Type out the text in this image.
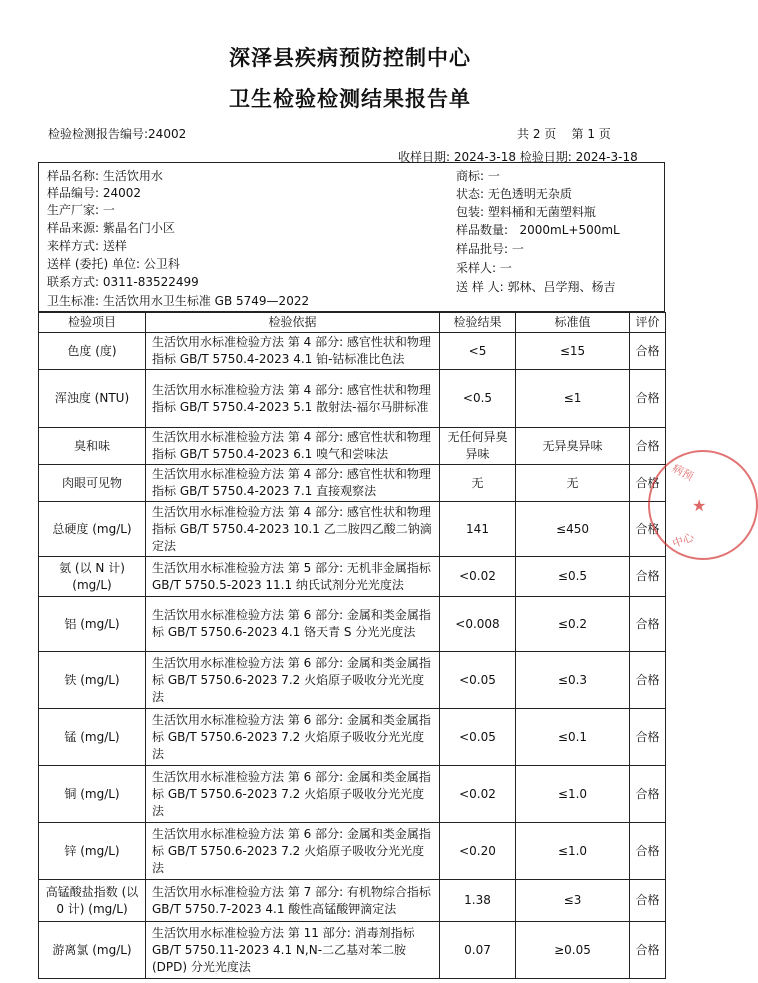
深泽县疾病预防控制中心
卫生检验检测结果报告单
检验检测报告编号:24002	共 2 页    第 1 页
收样日期: 2024-3-18 检验日期: 2024-3-18
样品名称: 生活饮用水
样品编号: 24002
生产厂家: 一
样品来源: 紫晶名门小区
来样方式: 送样
送样 (委托) 单位: 公卫科
联系方式: 0311-83522499
卫生标准: 生活饮用水卫生标准 GB 5749—2022
商标: 一
状态: 无色透明无杂质
包装: 塑料桶和无菌塑料瓶
样品数量:   2000mL+500mL
样品批号: 一
采样人: 一
送 样 人: 郭林、吕学翔、杨吉
检验项目	检验依据	检验结果	标准值	评价
色度 (度)	生活饮用水标准检验方法 第 4 部分: 感官性状和物理指标 GB/T 5750.4-2023 4.1 铂-钴标准比色法	<5	≤15	合格
浑浊度 (NTU)	生活饮用水标准检验方法 第 4 部分: 感官性状和物理指标 GB/T 5750.4-2023 5.1 散射法-福尔马肼标准	<0.5	≤1	合格
臭和味	生活饮用水标准检验方法 第 4 部分: 感官性状和物理指标 GB/T 5750.4-2023 6.1 嗅气和尝味法	无任何异臭异味	无异臭异味	合格
肉眼可见物	生活饮用水标准检验方法 第 4 部分: 感官性状和物理指标 GB/T 5750.4-2023 7.1 直接观察法	无	无	合格
总硬度 (mg/L)	生活饮用水标准检验方法 第 4 部分: 感官性状和物理指标 GB/T 5750.4-2023 10.1 乙二胺四乙酸二钠滴定法	141	≤450	合格
氨 (以 N 计) (mg/L)	生活饮用水标准检验方法 第 5 部分: 无机非金属指标 GB/T 5750.5-2023 11.1 纳氏试剂分光光度法	<0.02	≤0.5	合格
铝 (mg/L)	生活饮用水标准检验方法 第 6 部分: 金属和类金属指标 GB/T 5750.6-2023 4.1 铬天青 S 分光光度法	<0.008	≤0.2	合格
铁 (mg/L)	生活饮用水标准检验方法 第 6 部分: 金属和类金属指标 GB/T 5750.6-2023 7.2 火焰原子吸收分光光度法	<0.05	≤0.3	合格
锰 (mg/L)	生活饮用水标准检验方法 第 6 部分: 金属和类金属指标 GB/T 5750.6-2023 7.2 火焰原子吸收分光光度法	<0.05	≤0.1	合格
铜 (mg/L)	生活饮用水标准检验方法 第 6 部分: 金属和类金属指标 GB/T 5750.6-2023 7.2 火焰原子吸收分光光度法	<0.02	≤1.0	合格
锌 (mg/L)	生活饮用水标准检验方法 第 6 部分: 金属和类金属指标 GB/T 5750.6-2023 7.2 火焰原子吸收分光光度法	<0.20	≤1.0	合格
高锰酸盐指数 (以 0 计) (mg/L)	生活饮用水标准检验方法 第 7 部分: 有机物综合指标 GB/T 5750.7-2023 4.1 酸性高锰酸钾滴定法	1.38	≤3	合格
游离氯 (mg/L)	生活饮用水标准检验方法 第 11 部分: 消毒剂指标 GB/T 5750.11-2023 4.1 N,N-二乙基对苯二胺 (DPD) 分光光度法	0.07	≥0.05	合格
病预
★
中心
